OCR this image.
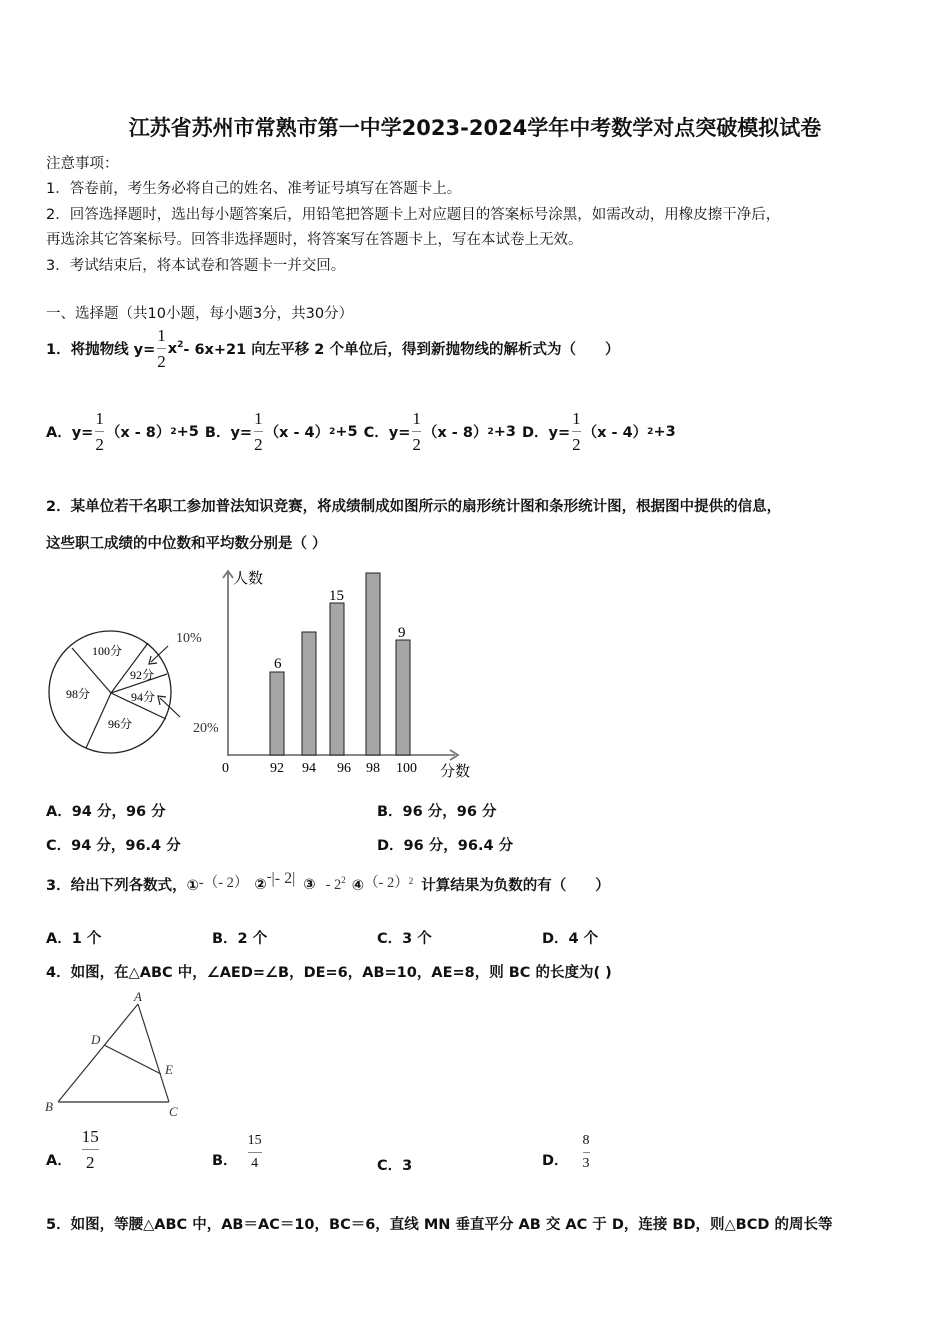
江苏省苏州市常熟市第一中学2023-2024学年中考数学对点突破模拟试卷
注意事项：
1．答卷前，考生务必将自己的姓名、准考证号填写在答题卡上。
2．回答选择题时，选出每小题答案后，用铅笔把答题卡上对应题目的答案标号涂黑，如需改动，用橡皮擦干净后，
再选涂其它答案标号。回答非选择题时，将答案写在答题卡上，写在本试卷上无效。
3．考试结束后，将本试卷和答题卡一并交回。
一、选择题（共10小题，每小题3分，共30分）
1．将抛物线 $y= \frac{1}{2} x^2 - 6x+21$ 向左平移 2 个单位后，得到新抛物线的解析式为（　　）
A．$y= \frac{1}{2} (x - 8)$ 2 +5 B．$y= \frac{1}{2} (x - 4)$ 2 +5 C．$y= \frac{1}{2} (x - 8)$ 2 +3 D．$y= \frac{1}{2} (x - 4)$ 2 +3
2．某单位若干名职工参加普法知识竞赛，将成绩制成如图所示的扇形统计图和条形统计图，根据图中提供的信息，
这些职工成绩的中位数和平均数分别是（ ）
100分
92分
94分
96分
98分
10%
20%
6
15
9
人数
分数
0	92 94 96 98 100
A．94 分，96 分	B．96 分，96 分
C．94 分，96.4 分	D．96 分，96.4 分
3．给出下列各数式， ①-（- 2） ②-|- 2| ③ - $2^2$ ④（- 2）$^2$ 计算结果为负数的有（　　）
A．1 个	B．2 个	C．3 个	D．4 个
4．如图，在△ABC 中，∠AED=∠B，DE=6，AB=10，AE=8，则 BC 的长度为( )
A
D
E
B	C
A． $\frac{15}{2}$	B． $\frac{15}{4}$	C．3	D． $\frac{8}{3}$
5．如图，等腰△ABC 中，AB＝AC＝10，BC＝6，直线 MN 垂直平分 AB 交 AC 于 D，连接 BD，则△BCD 的周长等
